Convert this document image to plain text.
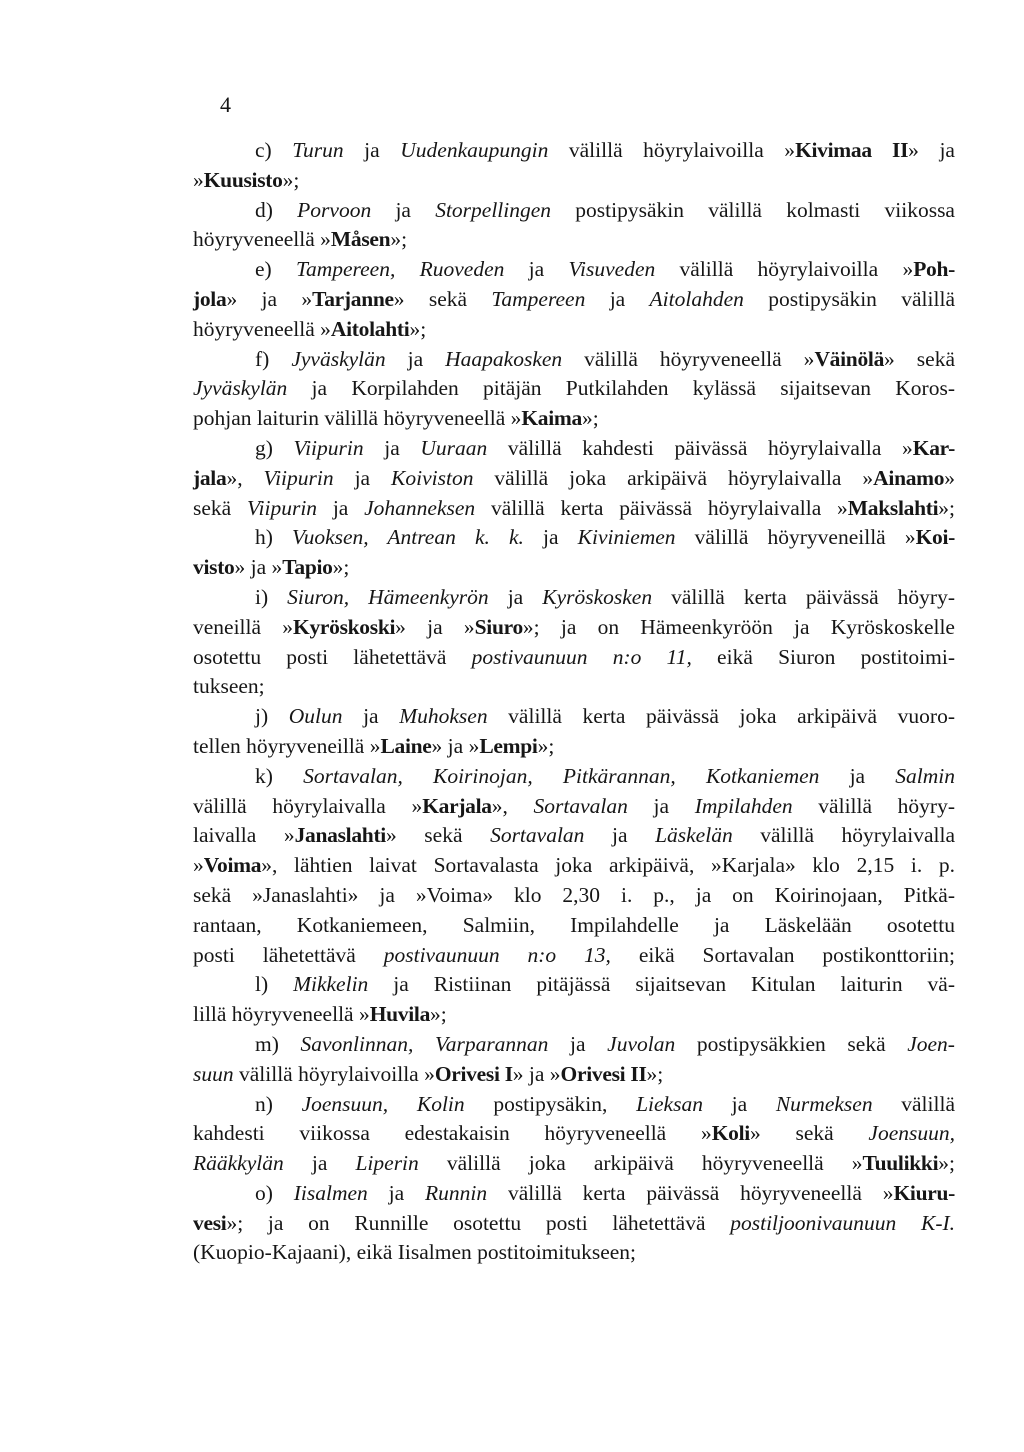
4
c) Turun ja Uudenkaupungin välillä höyrylaivoilla »Kivimaa II» ja
»Kuusisto»;
d) Porvoon ja Storpellingen postipysäkin välillä kolmasti viikossa
höyryveneellä »Måsen»;
e) Tampereen, Ruoveden ja Visuveden välillä höyrylaivoilla »Poh-
jola» ja »Tarjanne» sekä Tampereen ja Aitolahden postipysäkin välillä
höyryveneellä »Aitolahti»;
f) Jyväskylän ja Haapakosken välillä höyryveneellä »Väinölä» sekä
Jyväskylän ja Korpilahden pitäjän Putkilahden kylässä sijaitsevan Koros-
pohjan laiturin välillä höyryveneellä »Kaima»;
g) Viipurin ja Uuraan välillä kahdesti päivässä höyrylaivalla »Kar-
jala», Viipurin ja Koiviston välillä joka arkipäivä höyrylaivalla »Ainamo»
sekä Viipurin ja Johanneksen välillä kerta päivässä höyrylaivalla »Makslahti»;
h) Vuoksen, Antrean k. k. ja Kiviniemen välillä höyryveneillä »Koi-
visto» ja »Tapio»;
i) Siuron, Hämeenkyrön ja Kyröskosken välillä kerta päivässä höyry-
veneillä »Kyröskoski» ja »Siuro»; ja on Hämeenkyröön ja Kyröskoskelle
osotettu posti lähetettävä postivaunuun n:o 11, eikä Siuron postitoimi-
tukseen;
j) Oulun ja Muhoksen välillä kerta päivässä joka arkipäivä vuoro-
tellen höyryveneillä »Laine» ja »Lempi»;
k) Sortavalan, Koirinojan, Pitkärannan, Kotkaniemen ja Salmin
välillä höyrylaivalla »Karjala», Sortavalan ja Impilahden välillä höyry-
laivalla »Janaslahti» sekä Sortavalan ja Läskelän välillä höyrylaivalla
»Voima», lähtien laivat Sortavalasta joka arkipäivä, »Karjala» klo 2,15 i. p.
sekä »Janaslahti» ja »Voima» klo 2,30 i. p., ja on Koirinojaan, Pitkä-
rantaan, Kotkaniemeen, Salmiin, Impilahdelle ja Läskelään osotettu
posti lähetettävä postivaunuun n:o 13, eikä Sortavalan postikonttoriin;
l) Mikkelin ja Ristiinan pitäjässä sijaitsevan Kitulan laiturin vä-
lillä höyryveneellä »Huvila»;
m) Savonlinnan, Varparannan ja Juvolan postipysäkkien sekä Joen-
suun välillä höyrylaivoilla »Orivesi I» ja »Orivesi II»;
n) Joensuun, Kolin postipysäkin, Lieksan ja Nurmeksen välillä
kahdesti viikossa edestakaisin höyryveneellä »Koli» sekä Joensuun,
Rääkkylän ja Liperin välillä joka arkipäivä höyryveneellä »Tuulikki»;
o) Iisalmen ja Runnin välillä kerta päivässä höyryveneellä »Kiuru-
vesi»; ja on Runnille osotettu posti lähetettävä postiljoonivaunuun K-I.
(Kuopio-Kajaani), eikä Iisalmen postitoimitukseen;
